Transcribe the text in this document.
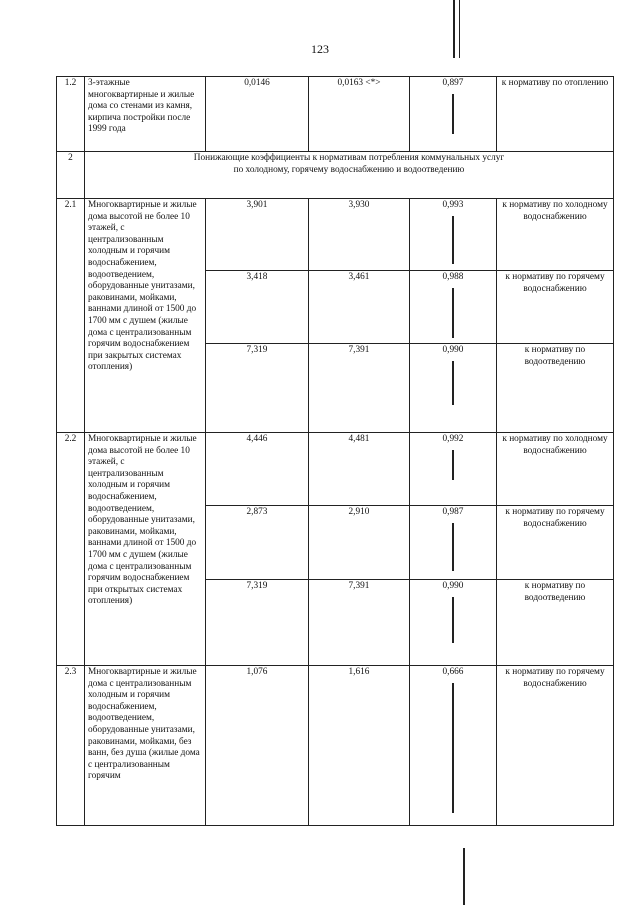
123
1.2	3-этажные многоквартирные и жилые дома со стенами из камня, кирпича постройки после 1999 года	0,0146	0,0163 <*>	0,897	к нормативу по отоплению
2	Понижающие коэффициенты к нормативам потребления коммунальных услуг
по холодному, горячему водоснабжению и водоотведению				

2.1	Многоквартирные и жилые дома высотой не более 10 этажей, с централизованным холодным и горячим водоснабжением, водоотведением, оборудованные унитазами, раковинами, мойками, ваннами длиной от 1500 до 1700 мм с душем (жилые дома с централизованным горячим водоснабжением при закрытых системах отопления)	3,901	3,930	0,993	к нормативу по холодному водоснабжению
		3,418	3,461	0,988	к нормативу по горячему водоснабжению
		7,319	7,391	0,990	к нормативу по водоотведению
2.2	Многоквартирные и жилые дома высотой не более 10 этажей, с централизованным холодным и горячим водоснабжением, водоотведением, оборудованные унитазами, раковинами, мойками, ваннами длиной от 1500 до 1700 мм с душем (жилые дома с централизованным горячим водоснабжением при открытых системах отопления)	4,446	4,481	0,992	к нормативу по холодному водоснабжению
		2,873	2,910	0,987	к нормативу по горячему водоснабжению
		7,319	7,391	0,990	к нормативу по водоотведению
2.3	Многоквартирные и жилые дома с централизованным холодным и горячим водоснабжением, водоотведением, оборудованные унитазами, раковинами, мойками, без ванн, без душа (жилые дома с централизованным горячим	1,076	1,616	0,666	к нормативу по горячему водоснабжению
